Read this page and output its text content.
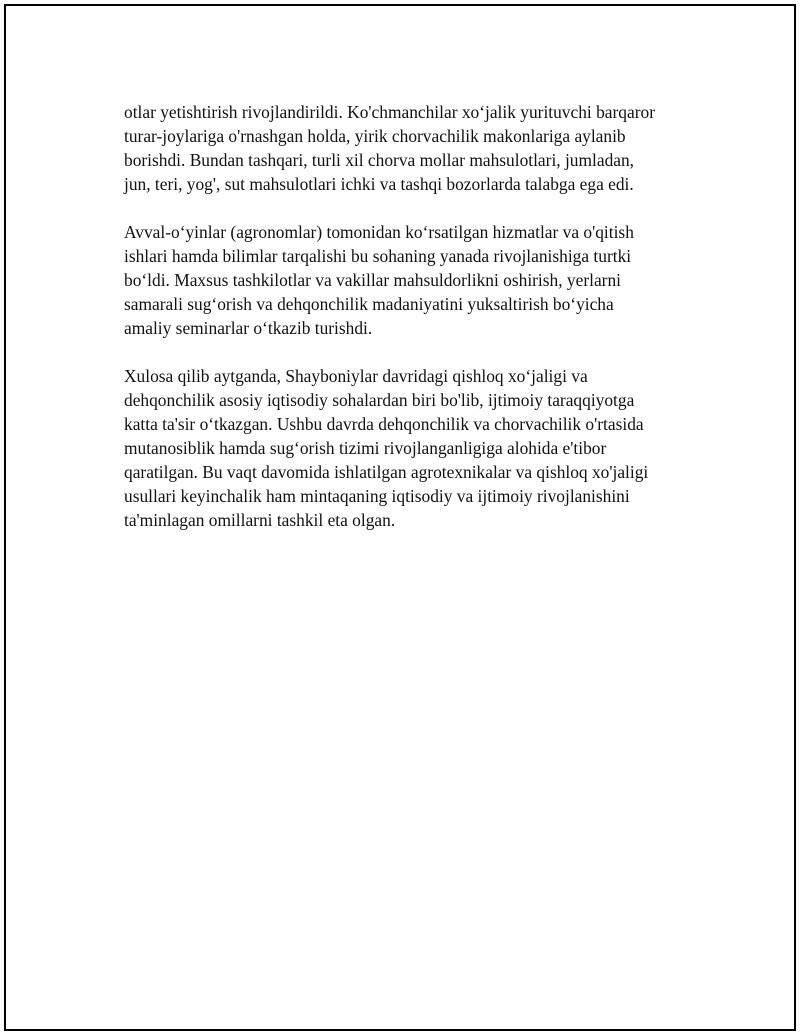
otlar yetishtirish rivojlandirildi. Ko'chmanchilar xo‘jalik yurituvchi barqaror
turar-joylariga o'rnashgan holda, yirik chorvachilik makonlariga aylanib
borishdi. Bundan tashqari, turli xil chorva mollar mahsulotlari, jumladan,
jun, teri, yog', sut mahsulotlari ichki va tashqi bozorlarda talabga ega edi.

Avval-o‘yinlar (agronomlar) tomonidan ko‘rsatilgan hizmatlar va o'qitish
ishlari hamda bilimlar tarqalishi bu sohaning yanada rivojlanishiga turtki
bo‘ldi. Maxsus tashkilotlar va vakillar mahsuldorlikni oshirish, yerlarni
samarali sug‘orish va dehqonchilik madaniyatini yuksaltirish bo‘yicha
amaliy seminarlar o‘tkazib turishdi.

Xulosa qilib aytganda, Shayboniylar davridagi qishloq xo‘jaligi va
dehqonchilik asosiy iqtisodiy sohalardan biri bo'lib, ijtimoiy taraqqiyotga
katta ta'sir o‘tkazgan. Ushbu davrda dehqonchilik va chorvachilik o'rtasida
mutanosiblik hamda sug‘orish tizimi rivojlanganligiga alohida e'tibor
qaratilgan. Bu vaqt davomida ishlatilgan agrotexnikalar va qishloq xo'jaligi
usullari keyinchalik ham mintaqaning iqtisodiy va ijtimoiy rivojlanishini
ta'minlagan omillarni tashkil eta olgan.
